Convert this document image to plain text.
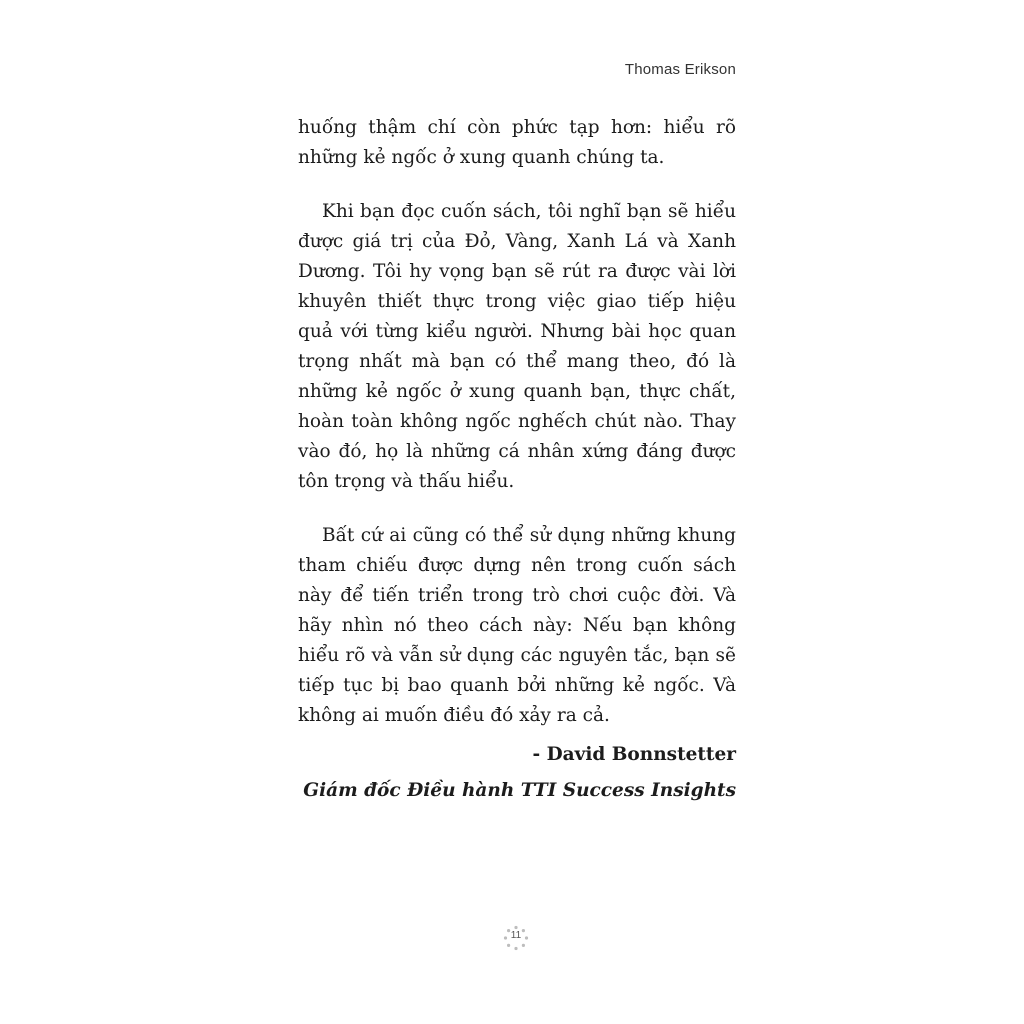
Thomas Erikson

huống thậm chí còn phức tạp hơn: hiểu rõ những kẻ ngốc ở xung quanh chúng ta.

Khi bạn đọc cuốn sách, tôi nghĩ bạn sẽ hiểu được giá trị của Đỏ, Vàng, Xanh Lá và Xanh Dương. Tôi hy vọng bạn sẽ rút ra được vài lời khuyên thiết thực trong việc giao tiếp hiệu quả với từng kiểu người. Nhưng bài học quan trọng nhất mà bạn có thể mang theo, đó là những kẻ ngốc ở xung quanh bạn, thực chất, hoàn toàn không ngốc nghếch chút nào. Thay vào đó, họ là những cá nhân xứng đáng được tôn trọng và thấu hiểu.

Bất cứ ai cũng có thể sử dụng những khung tham chiếu được dựng nên trong cuốn sách này để tiến triển trong trò chơi cuộc đời. Và hãy nhìn nó theo cách này: Nếu bạn không hiểu rõ và vẫn sử dụng các nguyên tắc, bạn sẽ tiếp tục bị bao quanh bởi những kẻ ngốc. Và không ai muốn điều đó xảy ra cả.

- David Bonnstetter

Giám đốc Điều hành TTI Success Insights

11
